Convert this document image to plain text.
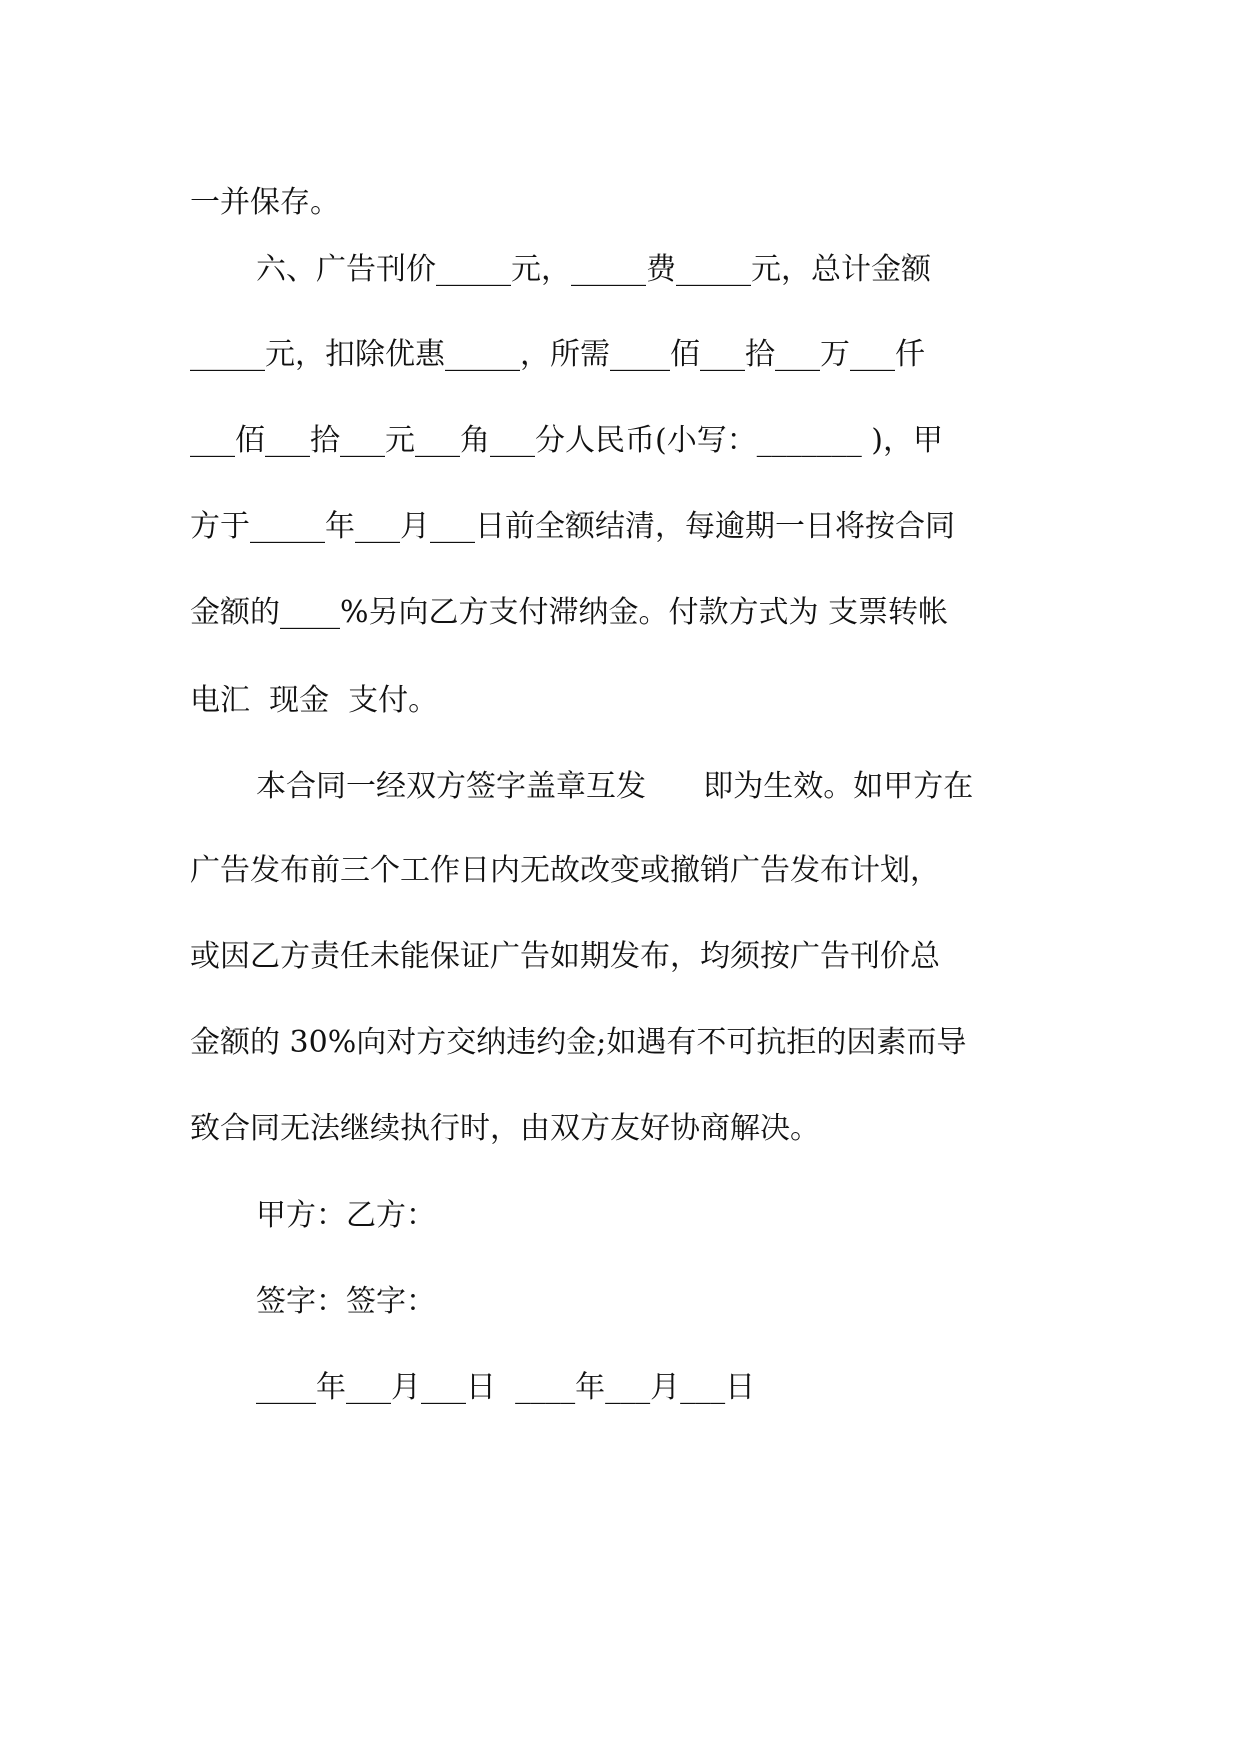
一并保存。

六、广告刊价_____元，_____费_____元，总计金额

_____元，扣除优惠_____，所需____佰___拾___万___仟

___佰___拾___元___角___分人民币(小写：_______ )，甲

方于_____年___月___日前全额结清，每逾期一日将按合同

金额的____%另向乙方支付滞纳金。付款方式为 支票转帐

电汇  现金  支付。

本合同一经双方签字盖章互发      即为生效。如甲方在

广告发布前三个工作日内无故改变或撤销广告发布计划，

或因乙方责任未能保证广告如期发布，均须按广告刊价总

金额的 30%向对方交纳违约金;如遇有不可抗拒的因素而导

致合同无法继续执行时，由双方友好协商解决。

甲方：乙方：

签字：签字：

____年___月___日  ____年___月___日
